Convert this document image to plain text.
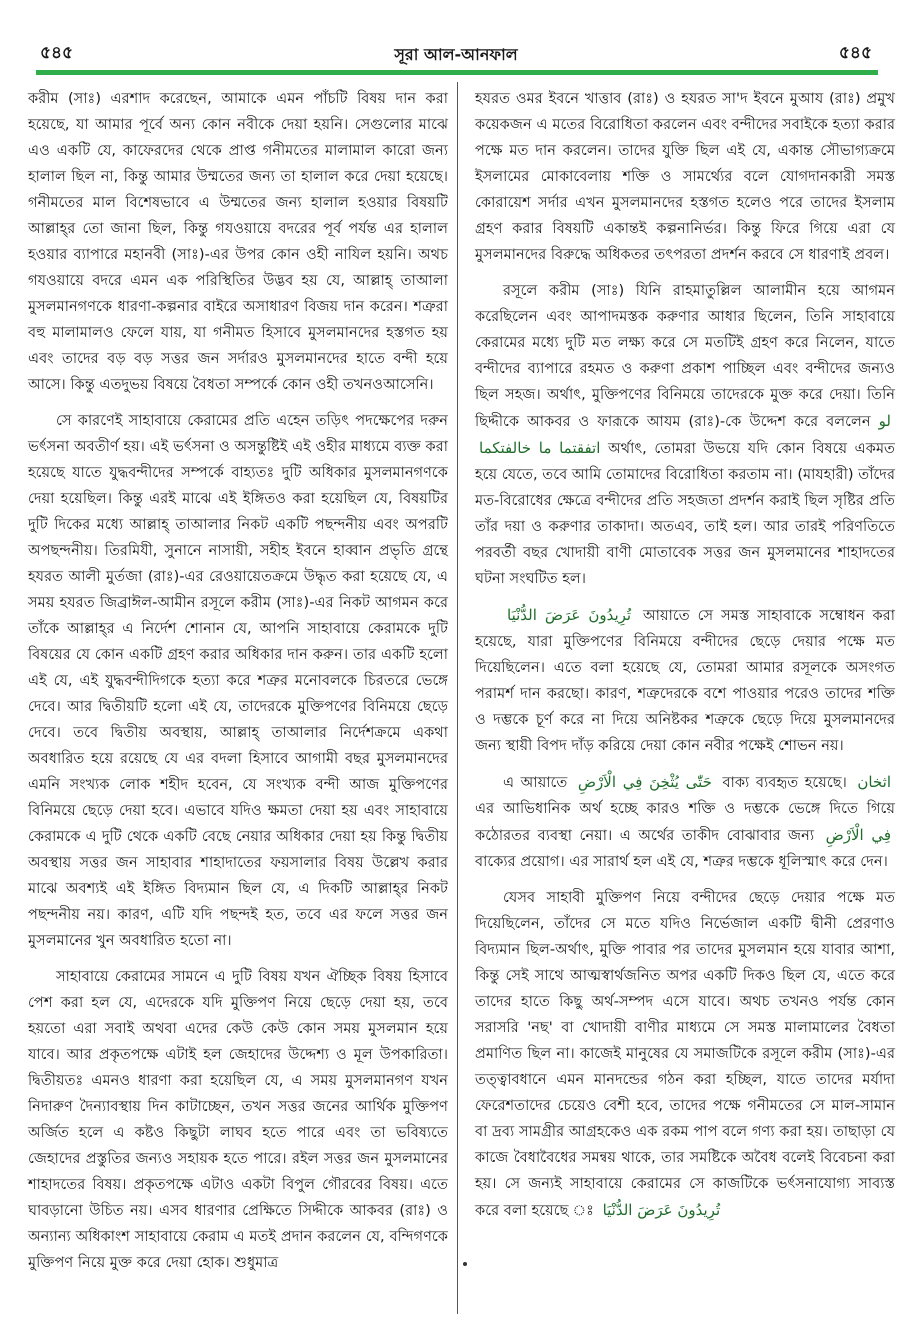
৫৪৫	সূরা আল-আনফাল	৫৪৫

করীম (সাঃ) এরশাদ করেছেন, আমাকে এমন পাঁচটি বিষয় দান করা হয়েছে, যা আমার পূর্বে অন্য কোন নবীকে দেয়া হয়নি। সেগুলোর মাঝে এও একটি যে, কাফেরদের থেকে প্রাপ্ত গনীমতের মালামাল কারো জন্য হালাল ছিল না, কিন্তু আমার উম্মতের জন্য তা হালাল করে দেয়া হয়েছে। গনীমতের মাল বিশেষভাবে এ উম্মতের জন্য হালাল হওয়ার বিষয়টি আল্লাহ্‌র তো জানা ছিল, কিন্তু গযওয়ায়ে বদরের পূর্ব পর্যন্ত এর হালাল হওয়ার ব্যাপারে মহানবী (সাঃ)-এর উপর কোন ওহী নাযিল হয়নি। অথচ গযওয়ায়ে বদরে এমন এক পরিস্থিতির উদ্ভব হয় যে, আল্লাহ্ তাআলা মুসলমানগণকে ধারণা-কল্পনার বাইরে অসাধারণ বিজয় দান করেন। শত্রুরা বহু মালামালও ফেলে যায়, যা গনীমত হিসাবে মুসলমানদের হস্তগত হয় এবং তাদের বড় বড় সত্তর জন সর্দারও মুসলমানদের হাতে বন্দী হয়ে আসে। কিন্তু এতদুভয় বিষয়ে বৈধতা সম্পর্কে কোন ওহী তখনওআসেনি।

সে কারণেই সাহাবায়ে কেরামের প্রতি এহেন তড়িৎ পদক্ষেপের দরুন ভর্ৎসনা অবতীর্ণ হয়। এই ভর্ৎসনা ও অসন্তুষ্টিই এই ওহীর মাধ্যমে ব্যক্ত করা হয়েছে যাতে যুদ্ধবন্দীদের সম্পর্কে বাহ্যতঃ দুটি অধিকার মুসলমানগণকে দেয়া হয়েছিল। কিন্তু এরই মাঝে এই ইঙ্গিতও করা হয়েছিল যে, বিষয়টির দুটি দিকের মধ্যে আল্লাহ্ তাআলার নিকট একটি পছন্দনীয় এবং অপরটি অপছন্দনীয়। তিরমিযী, সুনানে নাসায়ী, সহীহ ইবনে হাব্বান প্রভৃতি গ্রন্থে হযরত আলী মুর্তজা (রাঃ)-এর রেওয়ায়েতক্রমে উদ্ধৃত করা হয়েছে যে, এ সময় হযরত জিব্রাঈল-আমীন রসূলে করীম (সাঃ)-এর নিকট আগমন করে তাঁকে আল্লাহ্‌র এ নির্দেশ শোনান যে, আপনি সাহাবায়ে কেরামকে দুটি বিষয়ের যে কোন একটি গ্রহণ করার অধিকার দান করুন। তার একটি হলো এই যে, এই যুদ্ধবন্দীদিগকে হত্যা করে শত্রুর মনোবলকে চিরতরে ভেঙ্গে দেবে। আর দ্বিতীয়টি হলো এই যে, তাদেরকে মুক্তিপণের বিনিময়ে ছেড়ে দেবে। তবে দ্বিতীয় অবস্থায়, আল্লাহ্ তাআলার নির্দেশক্রমে একথা অবধারিত হয়ে রয়েছে যে এর বদলা হিসাবে আগামী বছর মুসলমানদের এমনি সংখ্যক লোক শহীদ হবেন, যে সংখ্যক বন্দী আজ মুক্তিপণের বিনিময়ে ছেড়ে দেয়া হবে। এভাবে যদিও ক্ষমতা দেয়া হয় এবং সাহাবায়ে কেরামকে এ দুটি থেকে একটি বেছে নেয়ার অধিকার দেয়া হয় কিন্তু দ্বিতীয় অবস্থায় সত্তর জন সাহাবার শাহাদাতের ফয়সালার বিষয় উল্লেখ করার মাঝে অবশ্যই এই ইঙ্গিত বিদ্যমান ছিল যে, এ দিকটি আল্লাহ্‌র নিকট পছন্দনীয় নয়। কারণ, এটি যদি পছন্দই হত, তবে এর ফলে সত্তর জন মুসলমানের খুন অবধারিত হতো না।

সাহাবায়ে কেরামের সামনে এ দুটি বিষয় যখন ঐচ্ছিক বিষয় হিসাবে পেশ করা হল যে, এদেরকে যদি মুক্তিপণ নিয়ে ছেড়ে দেয়া হয়, তবে হয়তো এরা সবাই অথবা এদের কেউ কেউ কোন সময় মুসলমান হয়ে যাবে। আর প্রকৃতপক্ষে এটাই হল জেহাদের উদ্দেশ্য ও মূল উপকারিতা। দ্বিতীয়তঃ এমনও ধারণা করা হয়েছিল যে, এ সময় মুসলমানগণ যখন নিদারুণ দৈন্যাবস্থায় দিন কাটাচ্ছেন, তখন সত্তর জনের আর্থিক মুক্তিপণ অর্জিত হলে এ কষ্টও কিছুটা লাঘব হতে পারে এবং তা ভবিষ্যতে জেহাদের প্রস্তুতির জন্যও সহায়ক হতে পারে। রইল সত্তর জন মুসলমানের শাহাদতের বিষয়। প্রকৃতপক্ষে এটাও একটা বিপুল গৌরবের বিষয়। এতে ঘাবড়ানো উচিত নয়। এসব ধারণার প্রেক্ষিতে সিদ্দীকে আকবর (রাঃ) ও অন্যান্য অধিকাংশ সাহাবায়ে কেরাম এ মতই প্রদান করলেন যে, বন্দিগণকে মুক্তিপণ নিয়ে মুক্ত করে দেয়া হোক। শুধুমাত্র

হযরত ওমর ইবনে খাত্তাব (রাঃ) ও হযরত সা'দ ইবনে মুআয (রাঃ) প্রমুখ কয়েকজন এ মতের বিরোধিতা করলেন এবং বন্দীদের সবাইকে হত্যা করার পক্ষে মত দান করলেন। তাদের যুক্তি ছিল এই যে, একান্ত সৌভাগ্যক্রমে ইসলামের মোকাবেলায় শক্তি ও সামর্থ্যের বলে যোগদানকারী সমস্ত কোরায়েশ সর্দার এখন মুসলমানদের হস্তগত হলেও পরে তাদের ইসলাম গ্রহণ করার বিষয়টি একান্তই কল্পনানির্ভর। কিন্তু ফিরে গিয়ে এরা যে মুসলমানদের বিরুদ্ধে অধিকতর তৎপরতা প্রদর্শন করবে সে ধারণাই প্রবল।

রসূলে করীম (সাঃ) যিনি রাহমাতুল্লিল আলামীন হয়ে আগমন করেছিলেন এবং আপাদমস্তক করুণার আধার ছিলেন, তিনি সাহাবায়ে কেরামের মধ্যে দুটি মত লক্ষ্য করে সে মতটিই গ্রহণ করে নিলেন, যাতে বন্দীদের ব্যাপারে রহমত ও করুণা প্রকাশ পাচ্ছিল এবং বন্দীদের জন্যও ছিল সহজ। অর্থাৎ, মুক্তিপণের বিনিময়ে তাদেরকে মুক্ত করে দেয়া। তিনি ছিদ্দীকে আকবর ও ফারূকে আযম (রাঃ)-কে উদ্দেশ করে বললেন لو اتفقتما ما خالفتكما অর্থাৎ, তোমরা উভয়ে যদি কোন বিষয়ে একমত হয়ে যেতে, তবে আমি তোমাদের বিরোধিতা করতাম না। (মাযহারী) তাঁদের মত-বিরোধের ক্ষেত্রে বন্দীদের প্রতি সহজতা প্রদর্শন করাই ছিল সৃষ্টির প্রতি তাঁর দয়া ও করুণার তাকাদা। অতএব, তাই হল। আর তারই পরিণতিতে পরবর্তী বছর খোদায়ী বাণী মোতাবেক সত্তর জন মুসলমানের শাহাদতের ঘটনা সংঘটিত হল।

تُرِيدُونَ عَرَضَ الدُّنْيَا আয়াতে সে সমস্ত সাহাবাকে সম্বোধন করা হয়েছে, যারা মুক্তিপণের বিনিময়ে বন্দীদের ছেড়ে দেয়ার পক্ষে মত দিয়েছিলেন। এতে বলা হয়েছে যে, তোমরা আমার রসূলকে অসংগত পরামর্শ দান করছো। কারণ, শত্রুদেরকে বশে পাওয়ার পরেও তাদের শক্তি ও দম্ভকে চূর্ণ করে না দিয়ে অনিষ্টকর শত্রুকে ছেড়ে দিয়ে মুসলমানদের জন্য স্থায়ী বিপদ দাঁড় করিয়ে দেয়া কোন নবীর পক্ষেই শোভন নয়।

এ আয়াতে حَتّٰى يُثْخِنَ فِي الْاَرْضِ বাক্য ব্যবহৃত হয়েছে। اثخان এর আভিধানিক অর্থ হচ্ছে কারও শক্তি ও দম্ভকে ভেঙ্গে দিতে গিয়ে কঠোরতর ব্যবস্থা নেয়া। এ অর্থের তাকীদ বোঝাবার জন্য فِي الْاَرْضِ বাক্যের প্রয়োগ। এর সারার্থ হল এই যে, শত্রুর দম্ভকে ধূলিস্মাৎ করে দেন।

যেসব সাহাবী মুক্তিপণ নিয়ে বন্দীদের ছেড়ে দেয়ার পক্ষে মত দিয়েছিলেন, তাঁদের সে মতে যদিও নির্ভেজাল একটি দ্বীনী প্রেরণাও বিদ্যমান ছিল-অর্থাৎ, মুক্তি পাবার পর তাদের মুসলমান হয়ে যাবার আশা, কিন্তু সেই সাথে আত্মস্বার্থজনিত অপর একটি দিকও ছিল যে, এতে করে তাদের হাতে কিছু অর্থ-সম্পদ এসে যাবে। অথচ তখনও পর্যন্ত কোন সরাসরি 'নছ' বা খোদায়ী বাণীর মাধ্যমে সে সমস্ত মালামালের বৈধতা প্রমাণিত ছিল না। কাজেই মানুষের যে সমাজটিকে রসূলে করীম (সাঃ)-এর তত্ত্বাবধানে এমন মানদন্ডের গঠন করা হচ্ছিল, যাতে তাদের মর্যাদা ফেরেশতাদের চেয়েও বেশী হবে, তাদের পক্ষে গনীমতের সে মাল-সামান বা দ্রব্য সামগ্রীর আগ্রহকেও এক রকম পাপ বলে গণ্য করা হয়। তাছাড়া যে কাজে বৈধাবৈধের সমন্বয় থাকে, তার সমষ্টিকে অবৈধ বলেই বিবেচনা করা হয়। সে জন্যই সাহাবায়ে কেরামের সে কাজটিকে ভর্ৎসনাযোগ্য সাব্যস্ত করে বলা হয়েছে ঃ تُرِيدُونَ عَرَضَ الدُّنْيَا
